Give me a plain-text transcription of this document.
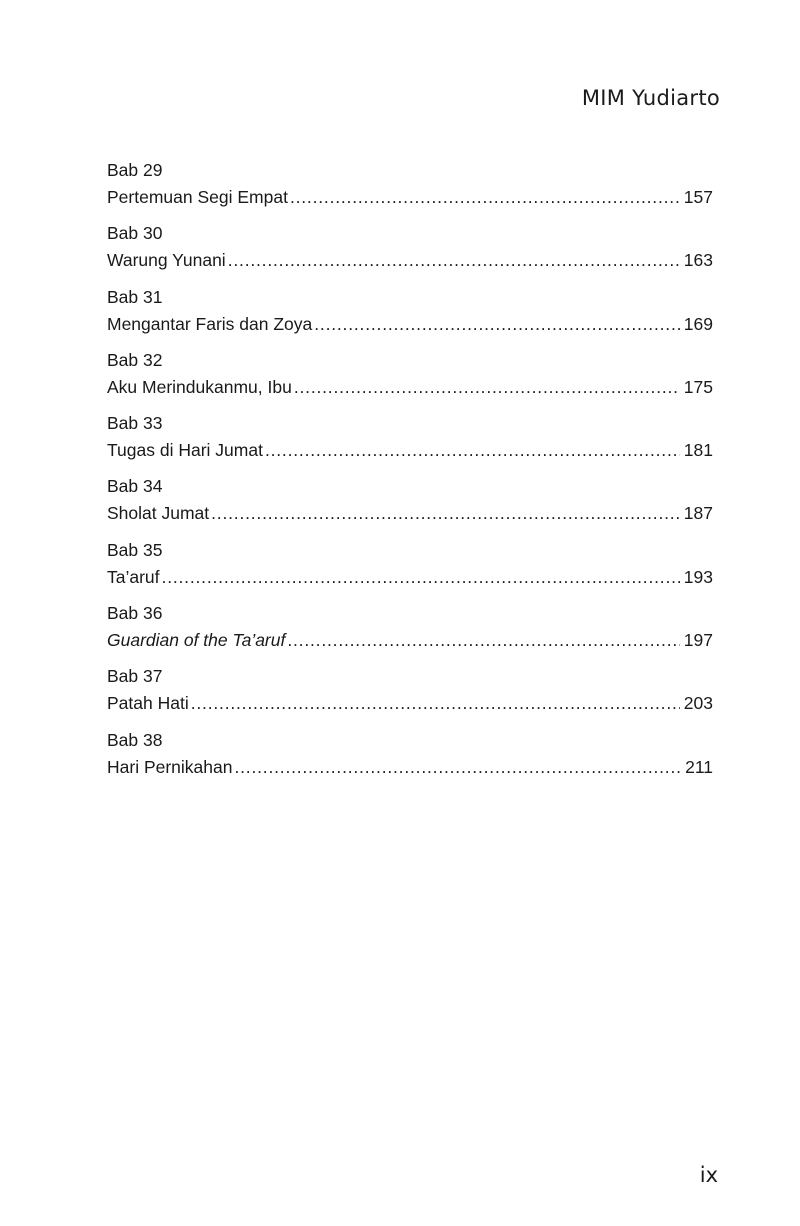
MIM Yudiarto
Bab 29
Pertemuan Segi Empat .....	157
Bab 30
Warung Yunani .....	163
Bab 31
Mengantar Faris dan Zoya .....	169
Bab 32
Aku Merindukanmu, Ibu .....	175
Bab 33
Tugas di Hari Jumat .....	181
Bab 34
Sholat Jumat .....	187
Bab 35
Ta’aruf .....	193
Bab 36
Guardian of the Ta’aruf .....	197
Bab 37
Patah Hati .....	203
Bab 38
Hari Pernikahan .....	211
ix
